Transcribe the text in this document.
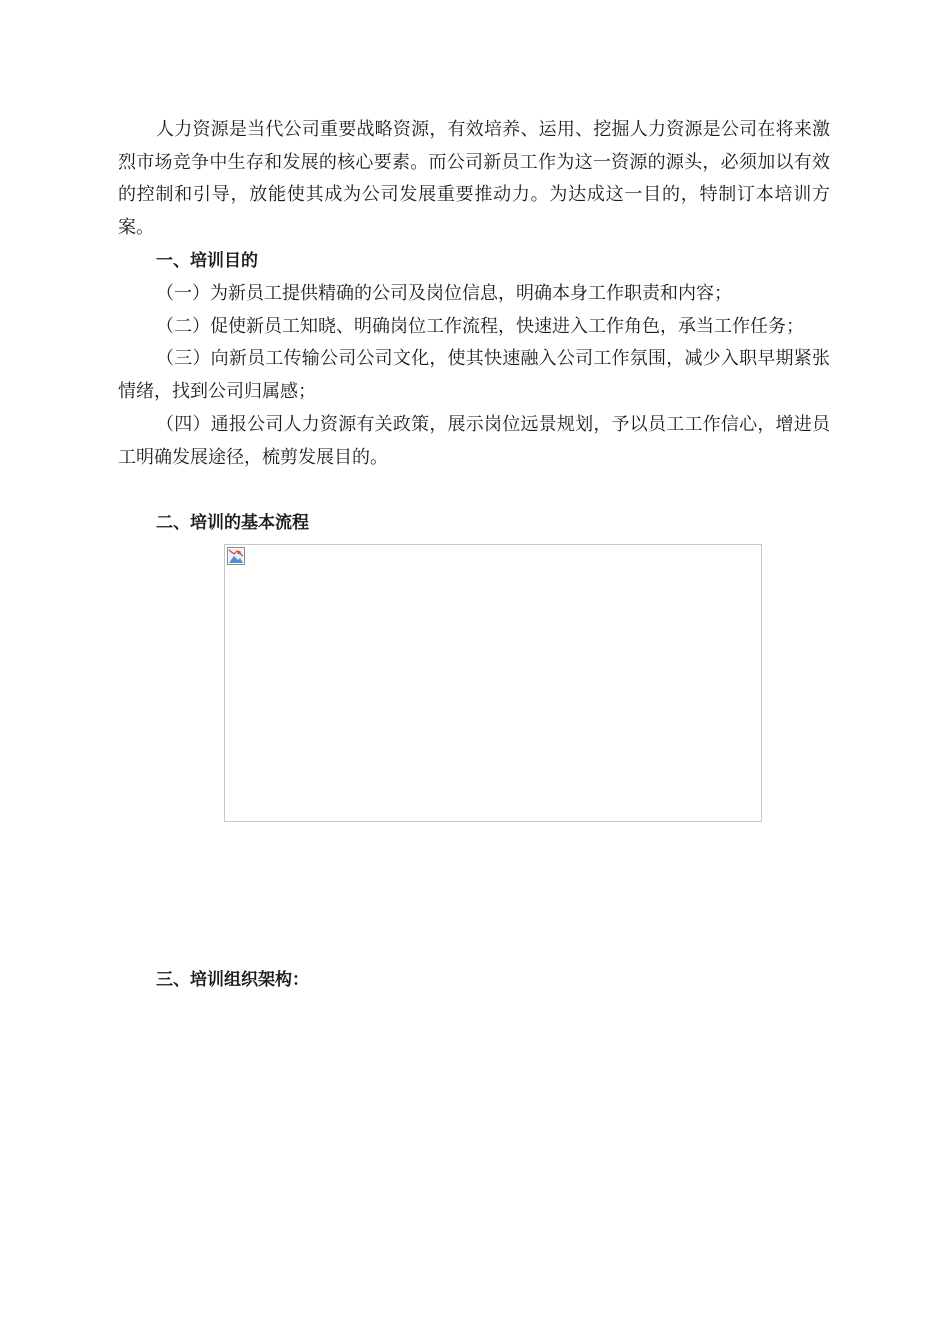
人力资源是当代公司重要战略资源，有效培养、运用、挖掘人力资源是公司在将来激烈市场竞争中生存和发展的核心要素。而公司新员工作为这一资源的源头，必须加以有效的控制和引导，放能使其成为公司发展重要推动力。为达成这一目的，特制订本培训方案。

一、培训目的

（一）为新员工提供精确的公司及岗位信息，明确本身工作职责和内容；

（二）促使新员工知晓、明确岗位工作流程，快速进入工作角色，承当工作任务；

（三）向新员工传输公司公司文化，使其快速融入公司工作氛围，减少入职早期紧张情绪，找到公司归属感；

（四）通报公司人力资源有关政策，展示岗位远景规划，予以员工工作信心，增进员工明确发展途径，梳剪发展目的。

二、培训的基本流程
三、培训组织架构：
